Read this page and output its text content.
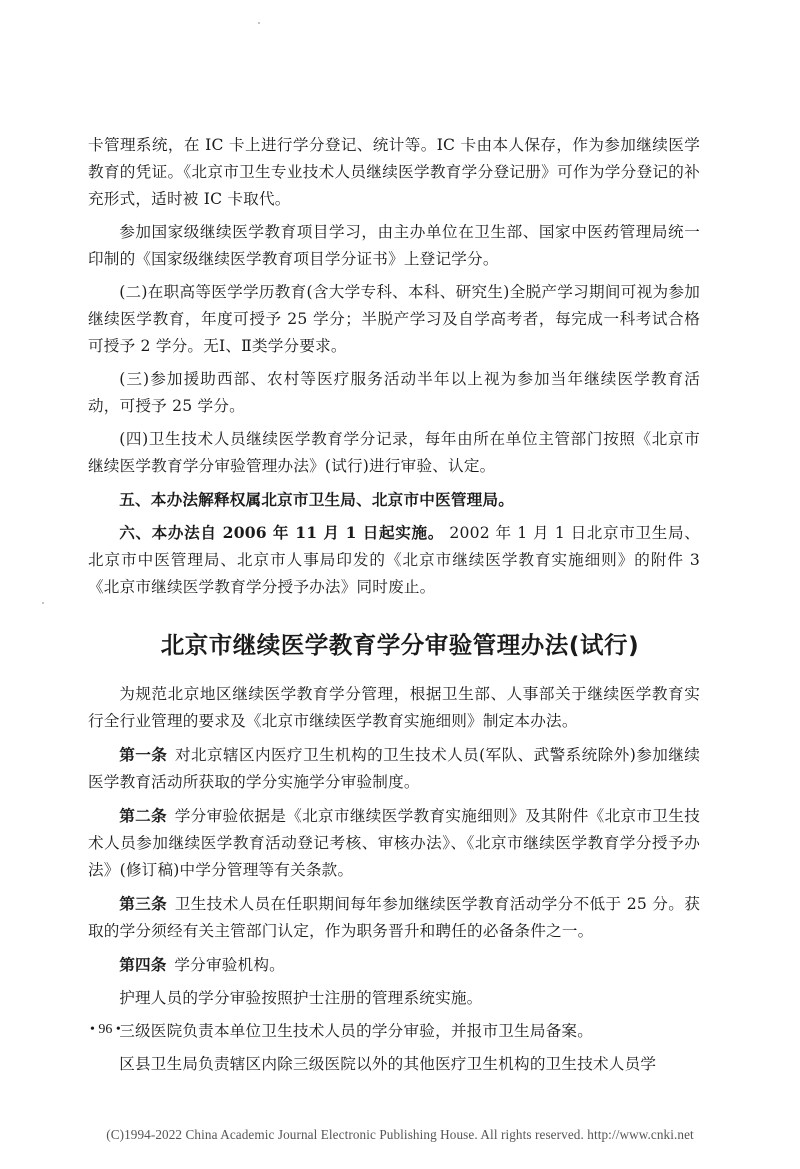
卡管理系统，在 IC 卡上进行学分登记、统计等。IC 卡由本人保存，作为参加继续医学教育的凭证。《北京市卫生专业技术人员继续医学教育学分登记册》可作为学分登记的补充形式，适时被 IC 卡取代。

参加国家级继续医学教育项目学习，由主办单位在卫生部、国家中医药管理局统一印制的《国家级继续医学教育项目学分证书》上登记学分。

(二)在职高等医学学历教育(含大学专科、本科、研究生)全脱产学习期间可视为参加继续医学教育，年度可授予 25 学分；半脱产学习及自学高考者，每完成一科考试合格可授予 2 学分。无Ⅰ、Ⅱ类学分要求。

(三)参加援助西部、农村等医疗服务活动半年以上视为参加当年继续医学教育活动，可授予 25 学分。

(四)卫生技术人员继续医学教育学分记录，每年由所在单位主管部门按照《北京市继续医学教育学分审验管理办法》(试行)进行审验、认定。

五、本办法解释权属北京市卫生局、北京市中医管理局。

六、本办法自 2006 年 11 月 1 日起实施。 2002 年 1 月 1 日北京市卫生局、北京市中医管理局、北京市人事局印发的《北京市继续医学教育实施细则》的附件 3《北京市继续医学教育学分授予办法》同时废止。

北京市继续医学教育学分审验管理办法(试行)

为规范北京地区继续医学教育学分管理，根据卫生部、人事部关于继续医学教育实行全行业管理的要求及《北京市继续医学教育实施细则》制定本办法。

第一条 对北京辖区内医疗卫生机构的卫生技术人员(军队、武警系统除外)参加继续医学教育活动所获取的学分实施学分审验制度。

第二条 学分审验依据是《北京市继续医学教育实施细则》及其附件《北京市卫生技术人员参加继续医学教育活动登记考核、审核办法》、《北京市继续医学教育学分授予办法》(修订稿)中学分管理等有关条款。

第三条 卫生技术人员在任职期间每年参加继续医学教育活动学分不低于 25 分。获取的学分须经有关主管部门认定，作为职务晋升和聘任的必备条件之一。

第四条 学分审验机构。

护理人员的学分审验按照护士注册的管理系统实施。

三级医院负责本单位卫生技术人员的学分审验，并报市卫生局备案。

区县卫生局负责辖区内除三级医院以外的其他医疗卫生机构的卫生技术人员学

• 96 •
(C)1994-2022 China Academic Journal Electronic Publishing House. All rights reserved. http://www.cnki.net
